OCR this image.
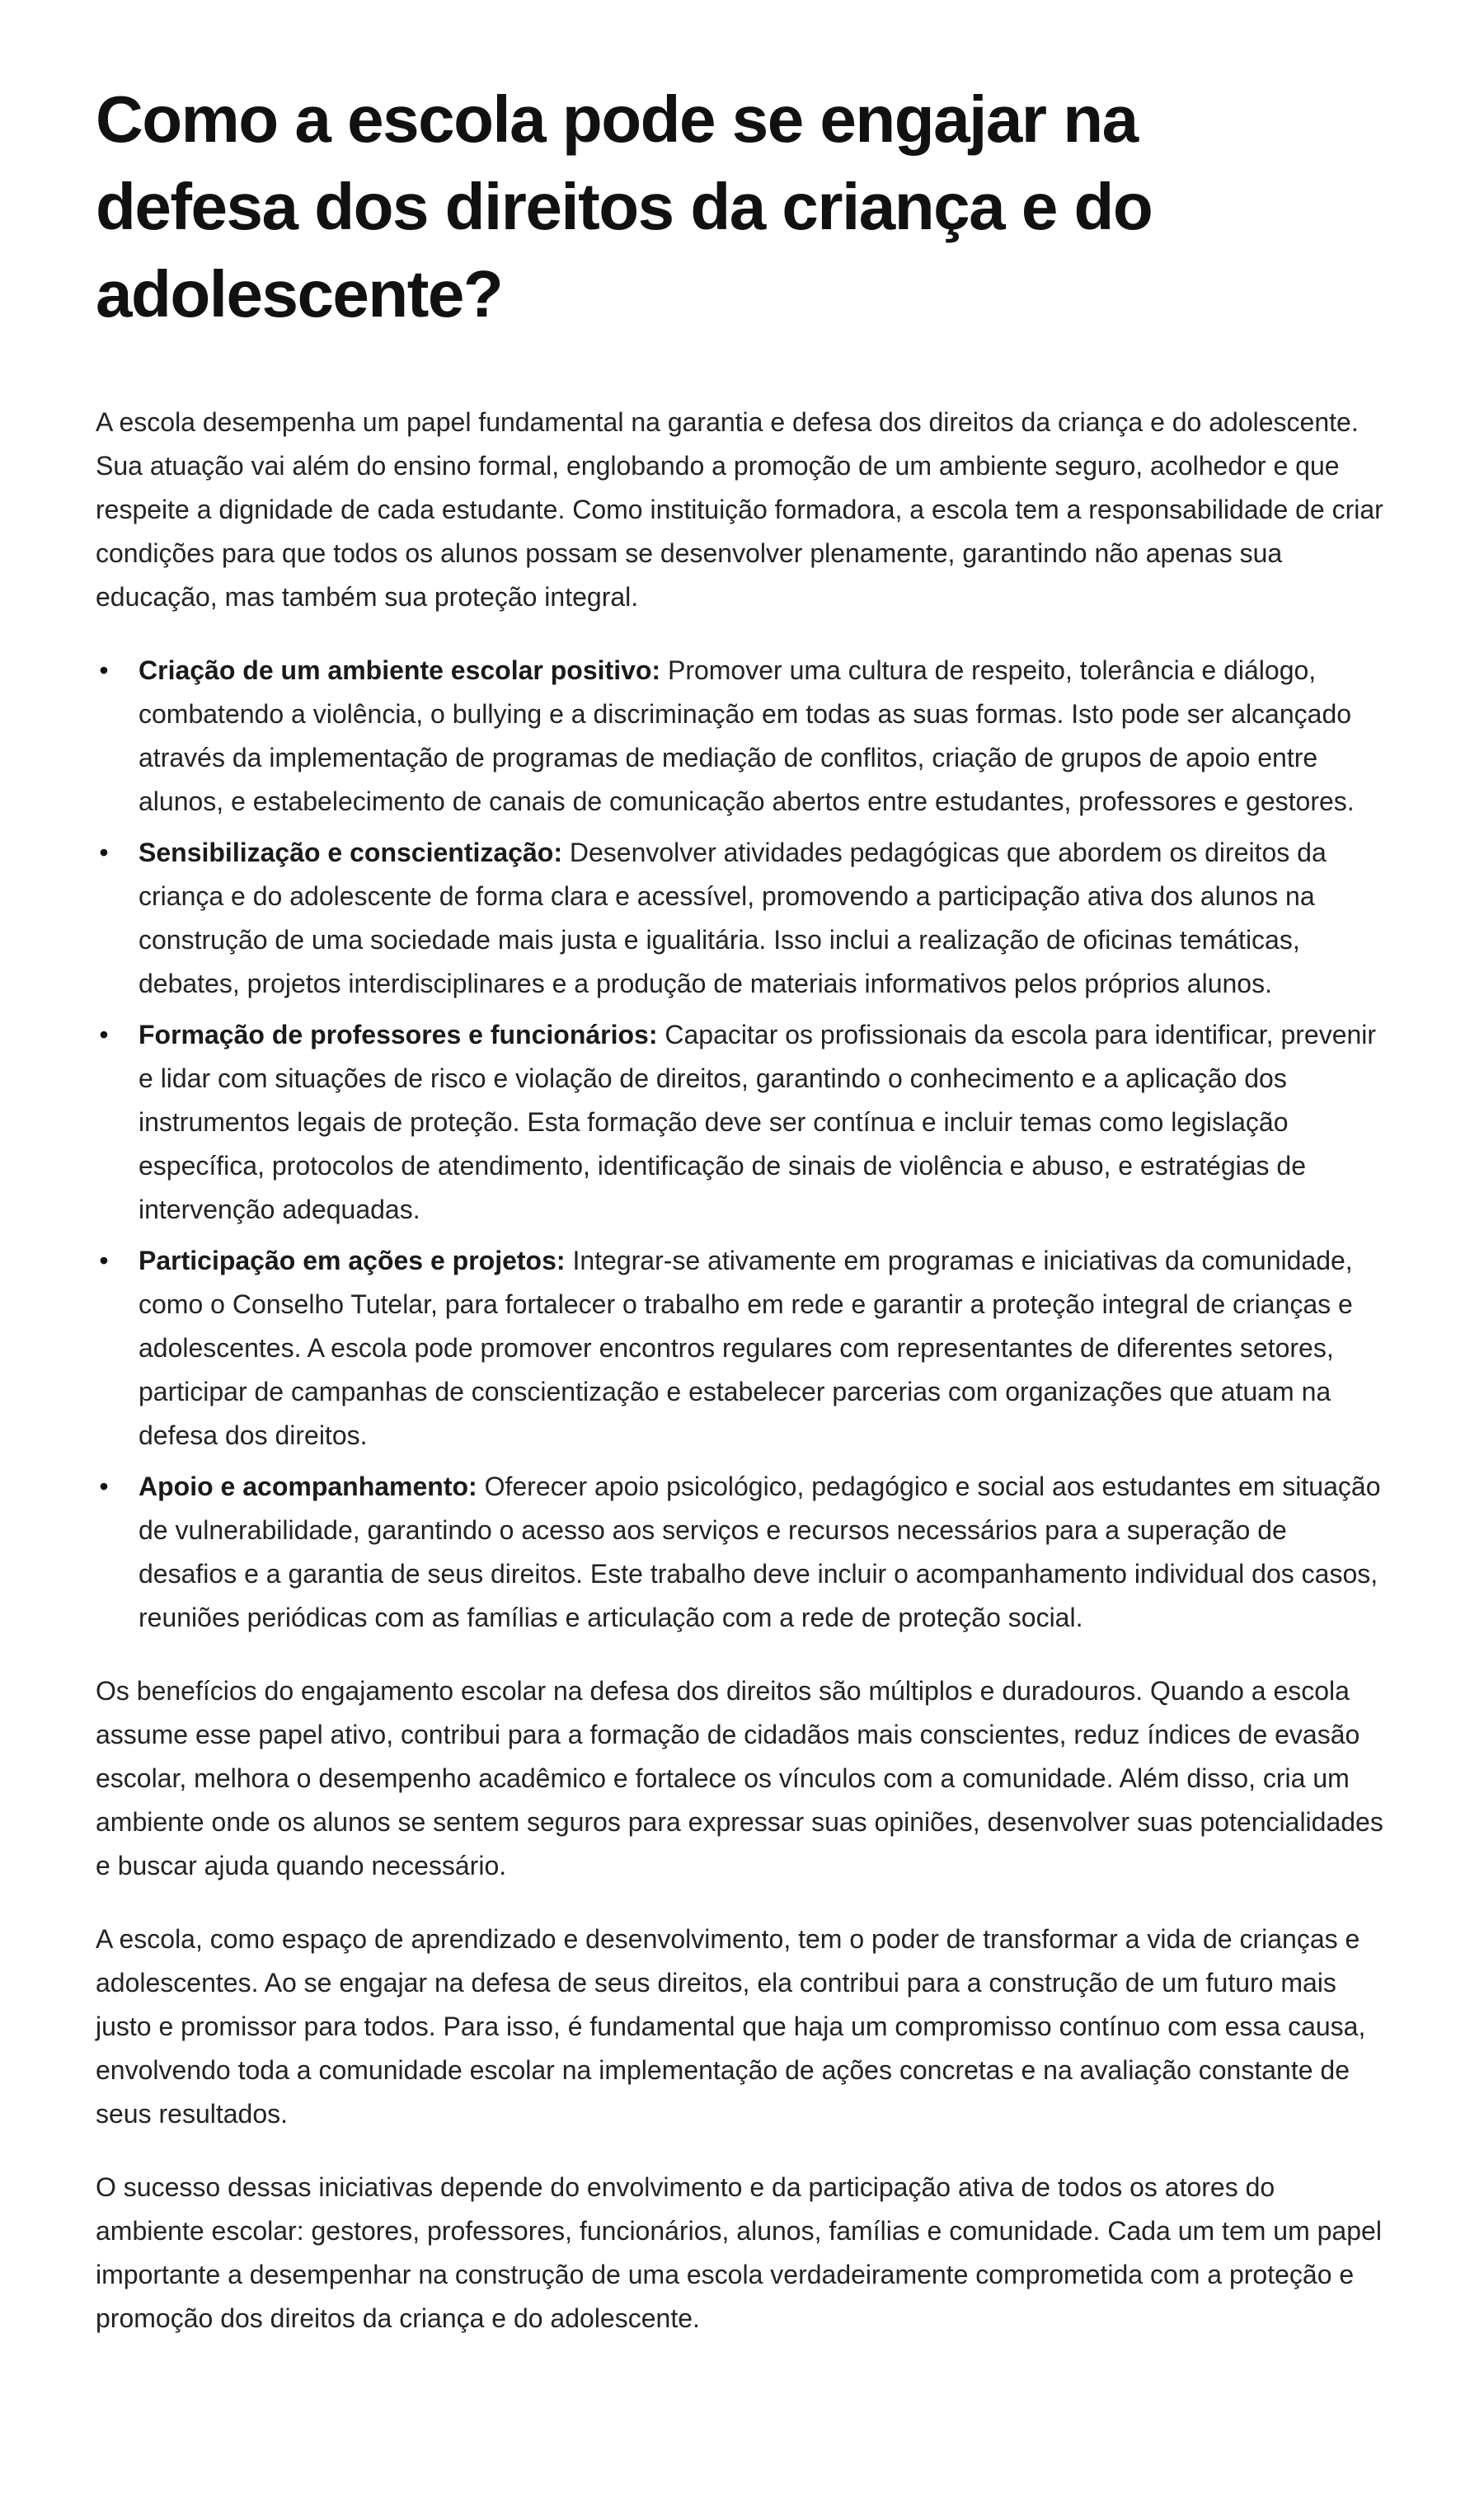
Como a escola pode se engajar na defesa dos direitos da criança e do adolescente?

A escola desempenha um papel fundamental na garantia e defesa dos direitos da criança e do adolescente. Sua atuação vai além do ensino formal, englobando a promoção de um ambiente seguro, acolhedor e que respeite a dignidade de cada estudante. Como instituição formadora, a escola tem a responsabilidade de criar condições para que todos os alunos possam se desenvolver plenamente, garantindo não apenas sua educação, mas também sua proteção integral.

• Criação de um ambiente escolar positivo: Promover uma cultura de respeito, tolerância e diálogo, combatendo a violência, o bullying e a discriminação em todas as suas formas. Isto pode ser alcançado através da implementação de programas de mediação de conflitos, criação de grupos de apoio entre alunos, e estabelecimento de canais de comunicação abertos entre estudantes, professores e gestores.
• Sensibilização e conscientização: Desenvolver atividades pedagógicas que abordem os direitos da criança e do adolescente de forma clara e acessível, promovendo a participação ativa dos alunos na construção de uma sociedade mais justa e igualitária. Isso inclui a realização de oficinas temáticas, debates, projetos interdisciplinares e a produção de materiais informativos pelos próprios alunos.
• Formação de professores e funcionários: Capacitar os profissionais da escola para identificar, prevenir e lidar com situações de risco e violação de direitos, garantindo o conhecimento e a aplicação dos instrumentos legais de proteção. Esta formação deve ser contínua e incluir temas como legislação específica, protocolos de atendimento, identificação de sinais de violência e abuso, e estratégias de intervenção adequadas.
• Participação em ações e projetos: Integrar-se ativamente em programas e iniciativas da comunidade, como o Conselho Tutelar, para fortalecer o trabalho em rede e garantir a proteção integral de crianças e adolescentes. A escola pode promover encontros regulares com representantes de diferentes setores, participar de campanhas de conscientização e estabelecer parcerias com organizações que atuam na defesa dos direitos.
• Apoio e acompanhamento: Oferecer apoio psicológico, pedagógico e social aos estudantes em situação de vulnerabilidade, garantindo o acesso aos serviços e recursos necessários para a superação de desafios e a garantia de seus direitos. Este trabalho deve incluir o acompanhamento individual dos casos, reuniões periódicas com as famílias e articulação com a rede de proteção social.

Os benefícios do engajamento escolar na defesa dos direitos são múltiplos e duradouros. Quando a escola assume esse papel ativo, contribui para a formação de cidadãos mais conscientes, reduz índices de evasão escolar, melhora o desempenho acadêmico e fortalece os vínculos com a comunidade. Além disso, cria um ambiente onde os alunos se sentem seguros para expressar suas opiniões, desenvolver suas potencialidades e buscar ajuda quando necessário.

A escola, como espaço de aprendizado e desenvolvimento, tem o poder de transformar a vida de crianças e adolescentes. Ao se engajar na defesa de seus direitos, ela contribui para a construção de um futuro mais justo e promissor para todos. Para isso, é fundamental que haja um compromisso contínuo com essa causa, envolvendo toda a comunidade escolar na implementação de ações concretas e na avaliação constante de seus resultados.

O sucesso dessas iniciativas depende do envolvimento e da participação ativa de todos os atores do ambiente escolar: gestores, professores, funcionários, alunos, famílias e comunidade. Cada um tem um papel importante a desempenhar na construção de uma escola verdadeiramente comprometida com a proteção e promoção dos direitos da criança e do adolescente.
